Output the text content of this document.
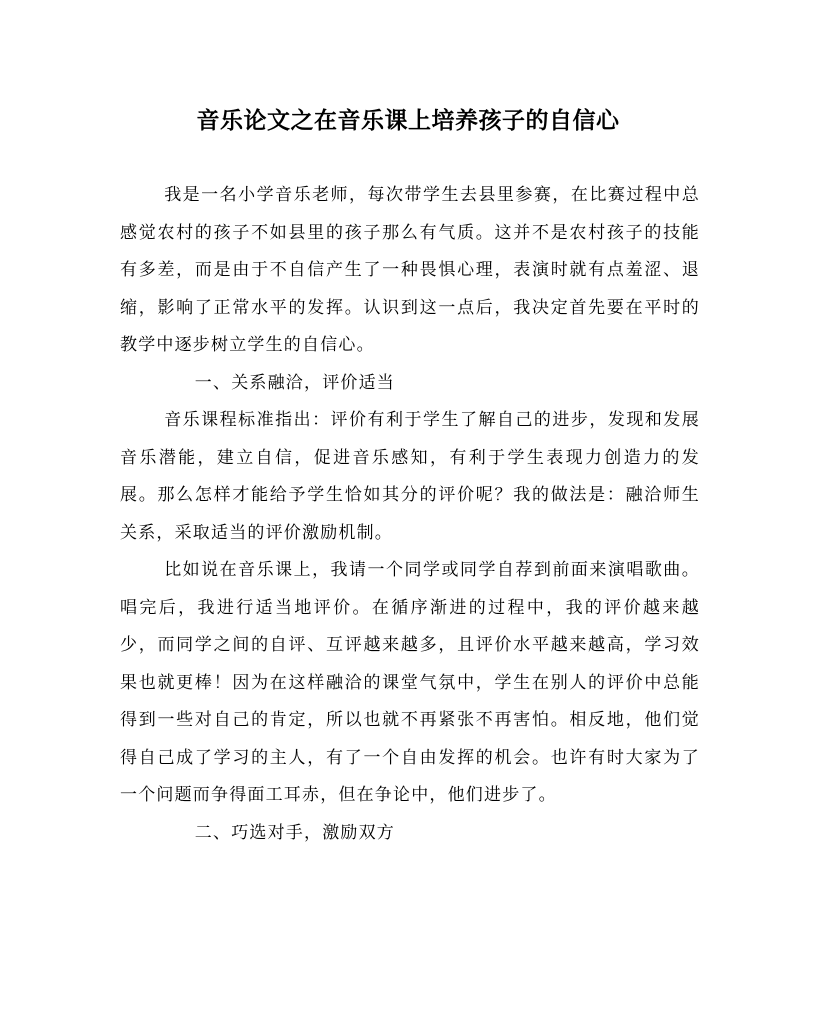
音乐论文之在音乐课上培养孩子的自信心

我是一名小学音乐老师，每次带学生去县里参赛，在比赛过程中总感觉农村的孩子不如县里的孩子那么有气质。这并不是农村孩子的技能有多差，而是由于不自信产生了一种畏惧心理，表演时就有点羞涩、退缩，影响了正常水平的发挥。认识到这一点后，我决定首先要在平时的教学中逐步树立学生的自信心。

一、关系融洽，评价适当

音乐课程标准指出：评价有利于学生了解自己的进步，发现和发展音乐潜能，建立自信，促进音乐感知，有利于学生表现力创造力的发展。那么怎样才能给予学生恰如其分的评价呢？我的做法是：融洽师生关系，采取适当的评价激励机制。

比如说在音乐课上，我请一个同学或同学自荐到前面来演唱歌曲。唱完后，我进行适当地评价。在循序渐进的过程中，我的评价越来越少，而同学之间的自评、互评越来越多，且评价水平越来越高，学习效果也就更棒！因为在这样融洽的课堂气氛中，学生在别人的评价中总能得到一些对自己的肯定，所以也就不再紧张不再害怕。相反地，他们觉得自己成了学习的主人，有了一个自由发挥的机会。也许有时大家为了一个问题而争得面工耳赤，但在争论中，他们进步了。

二、巧选对手，激励双方
